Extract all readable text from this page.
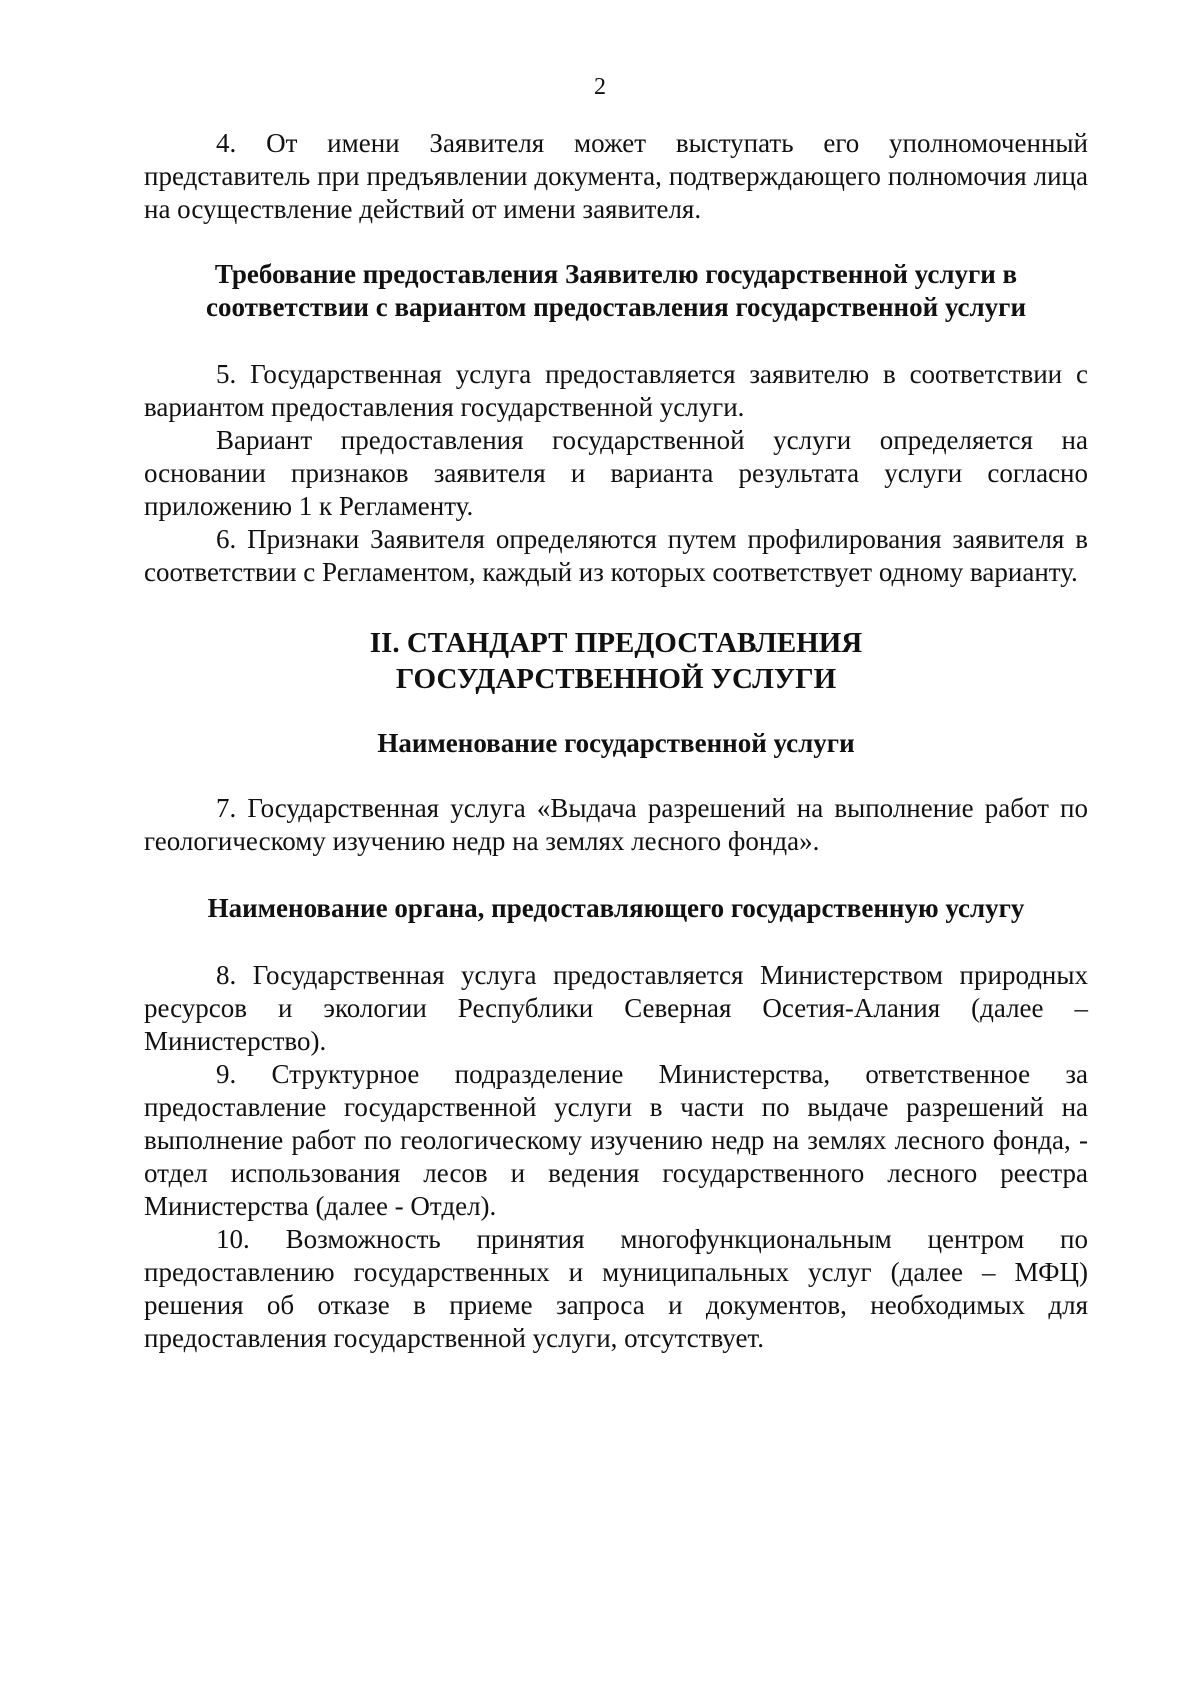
2

4. От имени Заявителя может выступать его уполномоченный представитель при предъявлении документа, подтверждающего полномочия лица на осуществление действий от имени заявителя.

Требование предоставления Заявителю государственной услуги в соответствии с вариантом предоставления государственной услуги

5. Государственная услуга предоставляется заявителю в соответствии с вариантом предоставления государственной услуги.

Вариант предоставления государственной услуги определяется на основании признаков заявителя и варианта результата услуги согласно приложению 1 к Регламенту.

6. Признаки Заявителя определяются путем профилирования заявителя в соответствии с Регламентом, каждый из которых соответствует одному варианту.

II. СТАНДАРТ ПРЕДОСТАВЛЕНИЯ ГОСУДАРСТВЕННОЙ УСЛУГИ

Наименование государственной услуги

7. Государственная услуга «Выдача разрешений на выполнение работ по геологическому изучению недр на землях лесного фонда».

Наименование органа, предоставляющего государственную услугу

8. Государственная услуга предоставляется Министерством природных ресурсов и экологии Республики Северная Осетия-Алания (далее – Министерство).

9. Структурное подразделение Министерства, ответственное за предоставление государственной услуги в части по выдаче разрешений на выполнение работ по геологическому изучению недр на землях лесного фонда, - отдел использования лесов и ведения государственного лесного реестра Министерства (далее - Отдел).

10. Возможность принятия многофункциональным центром по предоставлению государственных и муниципальных услуг (далее – МФЦ) решения об отказе в приеме запроса и документов, необходимых для предоставления государственной услуги, отсутствует.
